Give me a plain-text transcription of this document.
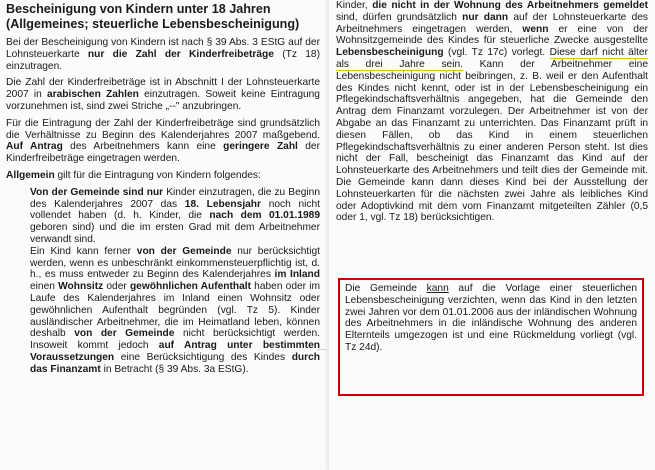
Bescheinigung von Kindern unter 18 Jahren (Allgemeines; steuerliche Lebensbescheinigung)

Bei der Bescheinigung von Kindern ist nach § 39 Abs. 3 EStG auf der Lohnsteuerkarte nur die Zahl der Kinderfreibeträge (Tz 18) einzutragen.

Die Zahl der Kinderfreibeträge ist in Abschnitt I der Lohnsteuerkarte 2007 in arabischen Zahlen einzutragen. Soweit keine Eintragung vorzunehmen ist, sind zwei Striche „--" anzubringen.

Für die Eintragung der Zahl der Kinderfreibeträge sind grundsätzlich die Verhältnisse zu Beginn des Kalenderjahres 2007 maßgebend. Auf Antrag des Arbeitnehmers kann eine geringere Zahl der Kinderfreibeträge eingetragen werden.

Allgemein gilt für die Eintragung von Kindern folgendes:

Von der Gemeinde sind nur Kinder einzutragen, die zu Beginn des Kalenderjahres 2007 das 18. Lebensjahr noch nicht vollendet haben (d. h. Kinder, die nach dem 01.01.1989 geboren sind) und die im ersten Grad mit dem Arbeitnehmer verwandt sind.

Ein Kind kann ferner von der Gemeinde nur berücksichtigt werden, wenn es unbeschränkt einkommensteuerpflichtig ist, d. h., es muss entweder zu Beginn des Kalenderjahres im Inland einen Wohnsitz oder gewöhnlichen Aufenthalt haben oder im Laufe des Kalenderjahres im Inland einen Wohnsitz oder gewöhnlichen Aufenthalt begründen (vgl. Tz 5). Kinder ausländischer Arbeitnehmer, die im Heimatland leben, können deshalb von der Gemeinde nicht berücksichtigt werden. Insoweit kommt jedoch auf Antrag unter bestimmten Voraussetzungen eine Berücksichtigung des Kindes durch das Finanzamt in Betracht (§ 39 Abs. 3a EStG).

Kinder, die nicht in der Wohnung des Arbeitnehmers gemeldet sind, dürfen grundsätzlich nur dann auf der Lohnsteuerkarte des Arbeitnehmers eingetragen werden, wenn er eine von der Wohnsitzgemeinde des Kindes für steuerliche Zwecke ausgestellte Lebensbescheinigung (vgl. Tz 17c) vorlegt. Diese darf nicht älter als drei Jahre sein. Kann der Arbeitnehmer eine Lebensbescheinigung nicht beibringen, z. B. weil er den Aufenthalt des Kindes nicht kennt, oder ist in der Lebensbescheinigung ein Pflegekindschaftsverhältnis angegeben, hat die Gemeinde den Antrag dem Finanzamt vorzulegen. Der Arbeitnehmer ist von der Abgabe an das Finanzamt zu unterrichten. Das Finanzamt prüft in diesen Fällen, ob das Kind in einem steuerlichen Pflegekindschaftsverhältnis zu einer anderen Person steht. Ist dies nicht der Fall, bescheinigt das Finanzamt das Kind auf der Lohnsteuerkarte des Arbeitnehmers und teilt dies der Gemeinde mit. Die Gemeinde kann dann dieses Kind bei der Ausstellung der Lohnsteuerkarten für die nächsten zwei Jahre als leibliches Kind oder Adoptivkind mit dem vom Finanzamt mitgeteilten Zähler (0,5 oder 1, vgl. Tz 18) berücksichtigen.

Die Gemeinde kann auf die Vorlage einer steuerlichen Lebensbescheinigung verzichten, wenn das Kind in den letzten zwei Jahren vor dem 01.01.2006 aus der inländischen Wohnung des Arbeitnehmers in die inländische Wohnung des anderen Elternteils umgezogen ist und eine Rückmeldung vorliegt (vgl. Tz 24d).
⌒
